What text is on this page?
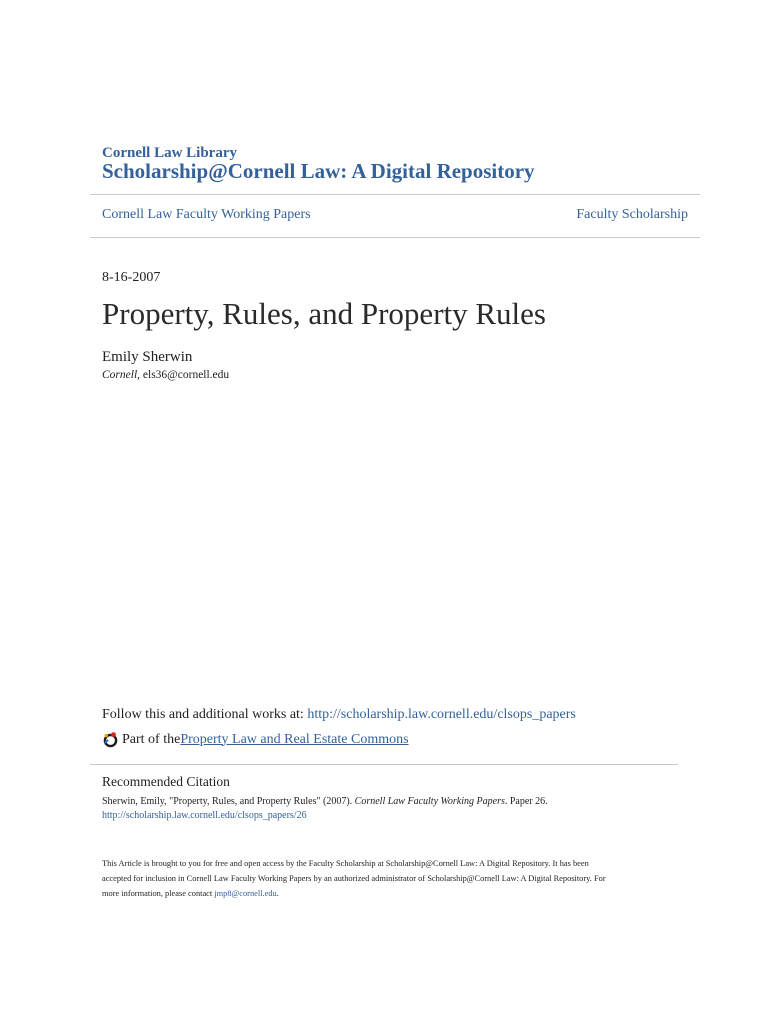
Cornell Law Library
Scholarship@Cornell Law: A Digital Repository
Cornell Law Faculty Working Papers	Faculty Scholarship
8-16-2007
Property, Rules, and Property Rules
Emily Sherwin
Cornell, els36@cornell.edu
Follow this and additional works at: http://scholarship.law.cornell.edu/clsops_papers
Part of the Property Law and Real Estate Commons
Recommended Citation
Sherwin, Emily, "Property, Rules, and Property Rules" (2007). Cornell Law Faculty Working Papers. Paper 26.
http://scholarship.law.cornell.edu/clsops_papers/26
This Article is brought to you for free and open access by the Faculty Scholarship at Scholarship@Cornell Law: A Digital Repository. It has been
accepted for inclusion in Cornell Law Faculty Working Papers by an authorized administrator of Scholarship@Cornell Law: A Digital Repository. For
more information, please contact jmp8@cornell.edu.
